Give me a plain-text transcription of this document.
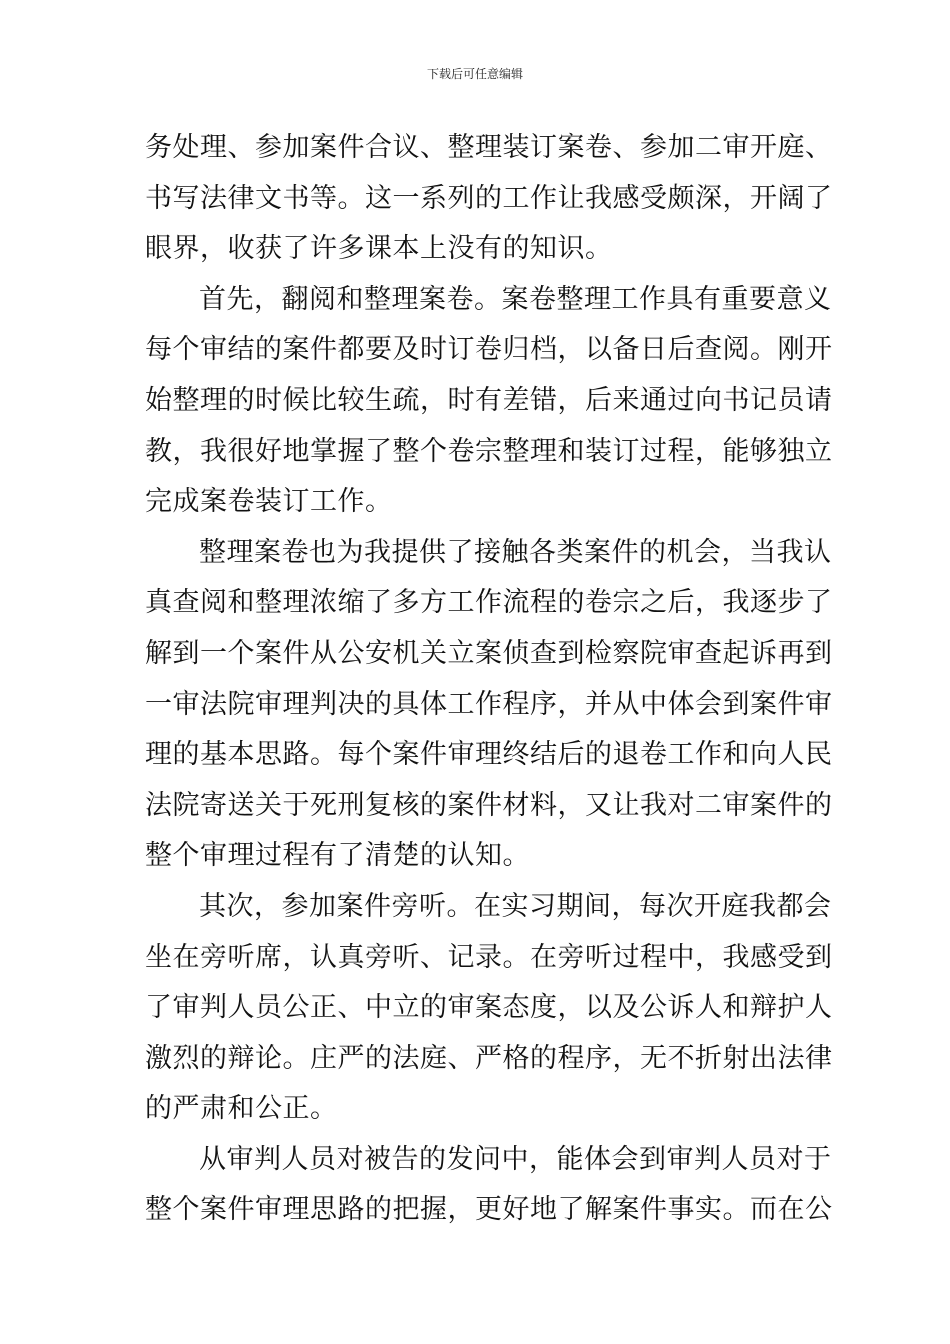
下载后可任意编辑
务处理、参加案件合议、整理装订案卷、参加二审开庭、
书写法律文书等。这一系列的工作让我感受颇深，开阔了
眼界，收获了许多课本上没有的知识。
首先，翻阅和整理案卷。案卷整理工作具有重要意义
每个审结的案件都要及时订卷归档，以备日后查阅。刚开
始整理的时候比较生疏，时有差错，后来通过向书记员请
教，我很好地掌握了整个卷宗整理和装订过程，能够独立
完成案卷装订工作。
整理案卷也为我提供了接触各类案件的机会，当我认
真查阅和整理浓缩了多方工作流程的卷宗之后，我逐步了
解到一个案件从公安机关立案侦查到检察院审查起诉再到
一审法院审理判决的具体工作程序，并从中体会到案件审
理的基本思路。每个案件审理终结后的退卷工作和向人民
法院寄送关于死刑复核的案件材料，又让我对二审案件的
整个审理过程有了清楚的认知。
其次，参加案件旁听。在实习期间，每次开庭我都会
坐在旁听席，认真旁听、记录。在旁听过程中，我感受到
了审判人员公正、中立的审案态度，以及公诉人和辩护人
激烈的辩论。庄严的法庭、严格的程序，无不折射出法律
的严肃和公正。
从审判人员对被告的发问中，能体会到审判人员对于
整个案件审理思路的把握，更好地了解案件事实。而在公
